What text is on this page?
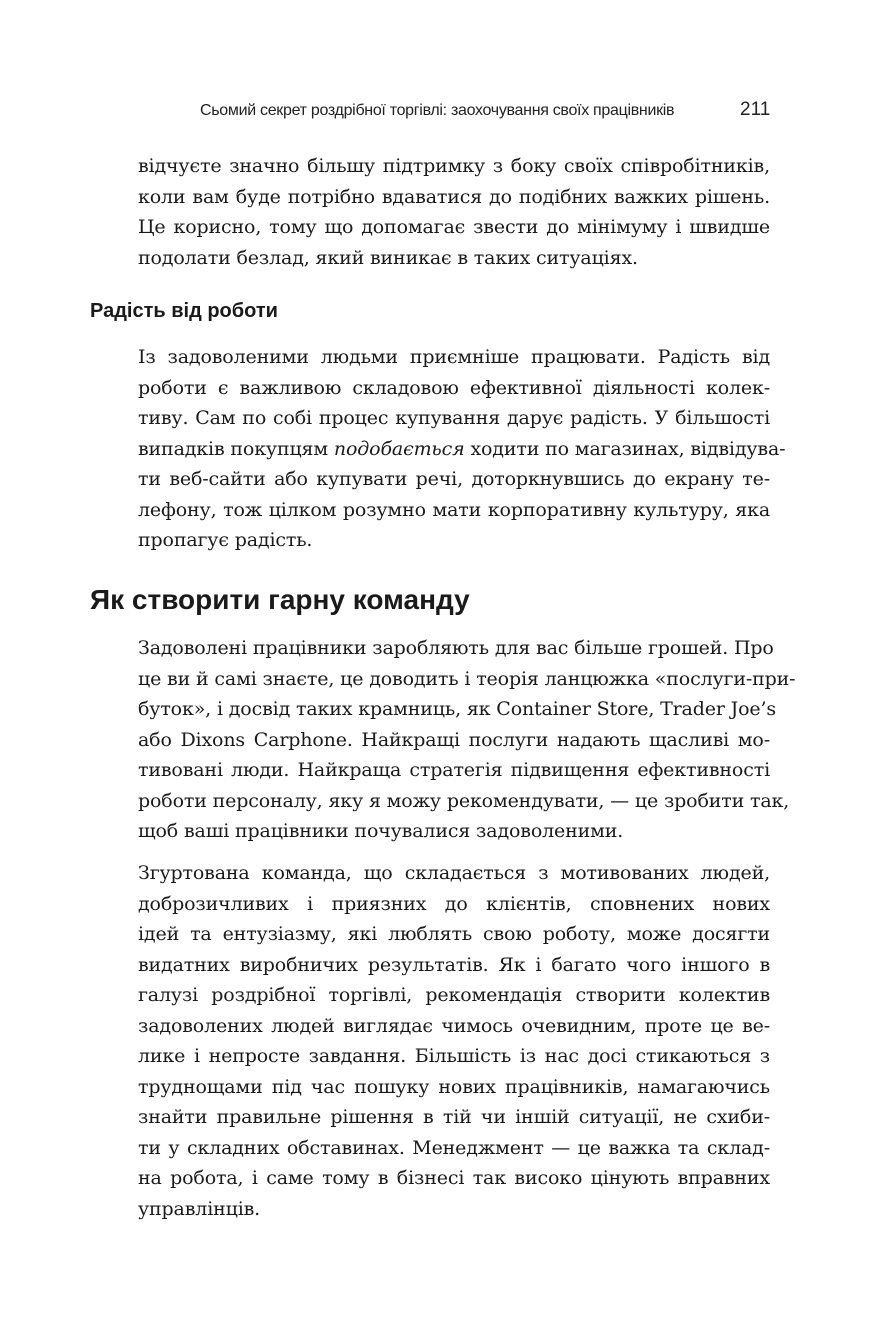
Сьомий секрет роздрібної торгівлі: заохочування своїх працівників	211
відчуєте значно більшу підтримку з боку своїх співробітників,
коли вам буде потрібно вдаватися до подібних важких рішень.
Це корисно, тому що допомагає звести до мінімуму і швидше
подолати безлад, який виникає в таких ситуаціях.
Радість від роботи
Із задоволеними людьми приємніше працювати. Радість від
роботи є важливою складовою ефективної діяльності колек-
тиву. Сам по собі процес купування дарує радість. У більшості
випадків покупцям подобається ходити по магазинах, відвідува-
ти веб-сайти або купувати речі, доторкнувшись до екрану те-
лефону, тож цілком розумно мати корпоративну культуру, яка
пропагує радість.
Як створити гарну команду
Задоволені працівники заробляють для вас більше грошей. Про
це ви й самі знаєте, це доводить і теорія ланцюжка «послуги-при-
буток», і досвід таких крамниць, як Container Store, Trader Joe’s
або Dixons Carphone. Найкращі послуги надають щасливі мо-
тивовані люди. Найкраща стратегія підвищення ефективності
роботи персоналу, яку я можу рекомендувати, — це зробити так,
щоб ваші працівники почувалися задоволеними.
Згуртована команда, що складається з мотивованих людей,
доброзичливих і приязних до клієнтів, сповнених нових
ідей та ентузіазму, які люблять свою роботу, може досягти
видатних виробничих результатів. Як і багато чого іншого в
галузі роздрібної торгівлі, рекомендація створити колектив
задоволених людей виглядає чимось очевидним, проте це ве-
лике і непросте завдання. Більшість із нас досі стикаються з
труднощами під час пошуку нових працівників, намагаючись
знайти правильне рішення в тій чи іншій ситуації, не схиби-
ти у складних обставинах. Менеджмент — це важка та склад-
на робота, і саме тому в бізнесі так високо цінують вправних
управлінців.
